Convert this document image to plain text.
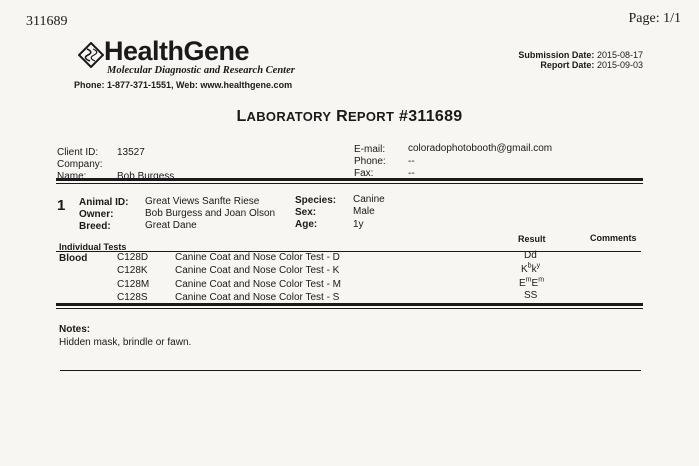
311689	Page: 1/1
HealthGene
Molecular Diagnostic and Research Center
Phone: 1-877-371-1551, Web: www.healthgene.com
Submission Date: 2015-08-17
Report Date: 2015-09-03
LABORATORY REPORT #311689
Client ID: 13527
Company:
Name:	Bob Burgess
E-mail: coloradophotobooth@gmail.com
Phone: --
Fax:	--
1 Animal ID: Great Views Sanfte Riese
Owner:	Bob Burgess and Joan Olson
Breed:	Great Dane
Species: Canine
Sex:	Male
Age:	1y
Individual Tests
Result	Comments
Blood	C128D	Canine Coat and Nose Color Test - D	Dd
C128K	Canine Coat and Nose Color Test - K	$K^bk^y$
C128M	Canine Coat and Nose Color Test - M	$E^mE^m$
C128S	Canine Coat and Nose Color Test - S	SS
Notes:
Hidden mask, brindle or fawn.
